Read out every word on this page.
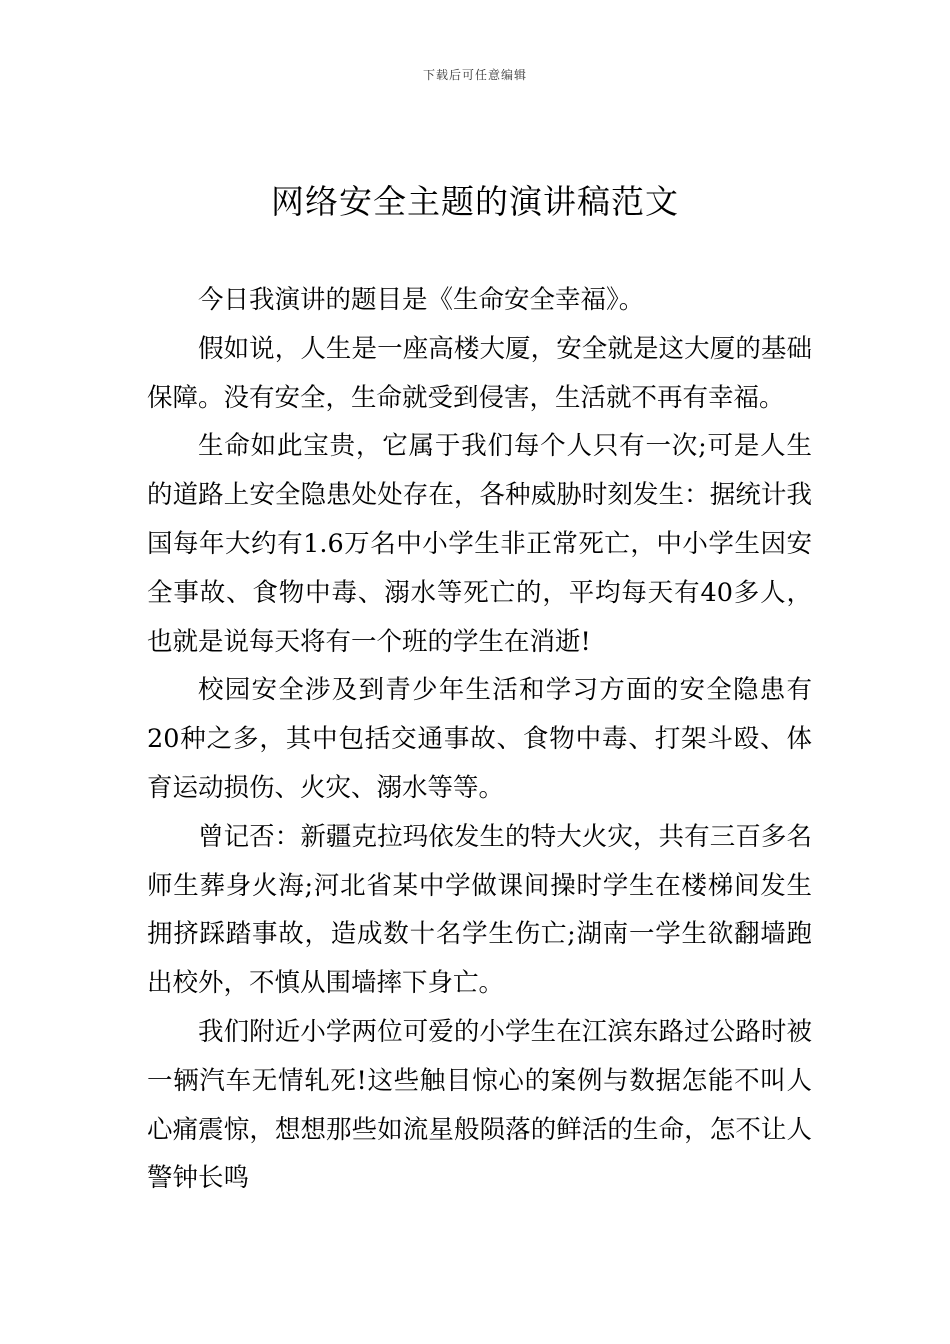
下载后可任意编辑
网络安全主题的演讲稿范文

今日我演讲的题目是《生命安全幸福》。

假如说，人生是一座高楼大厦，安全就是这大厦的基础保障。没有安全，生命就受到侵害，生活就不再有幸福。

生命如此宝贵，它属于我们每个人只有一次;可是人生的道路上安全隐患处处存在，各种威胁时刻发生：据统计我国每年大约有1.6万名中小学生非正常死亡，中小学生因安全事故、食物中毒、溺水等死亡的，平均每天有40多人，也就是说每天将有一个班的学生在消逝!

校园安全涉及到青少年生活和学习方面的安全隐患有20种之多，其中包括交通事故、食物中毒、打架斗殴、体育运动损伤、火灾、溺水等等。

曾记否：新疆克拉玛依发生的特大火灾，共有三百多名师生葬身火海;河北省某中学做课间操时学生在楼梯间发生拥挤踩踏事故，造成数十名学生伤亡;湖南一学生欲翻墙跑出校外，不慎从围墙摔下身亡。

我们附近小学两位可爱的小学生在江滨东路过公路时被一辆汽车无情轧死!这些触目惊心的案例与数据怎能不叫人心痛震惊，想想那些如流星般陨落的鲜活的生命，怎不让人警钟长鸣
